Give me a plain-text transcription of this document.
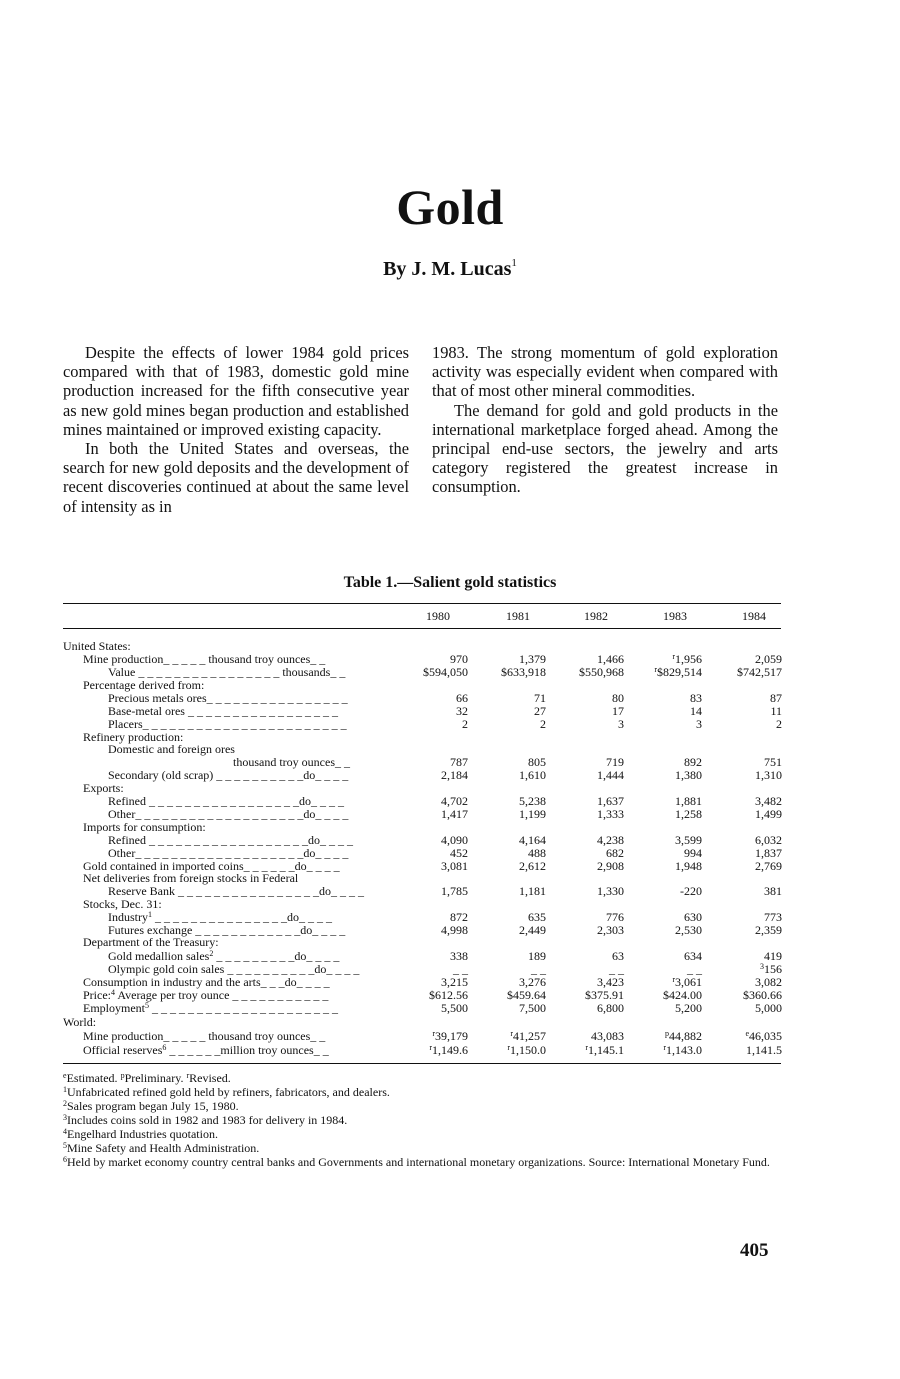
Gold
By J. M. Lucas$^1$

Despite the effects of lower 1984 gold prices compared with that of 1983, domestic gold mine production increased for the fifth consecutive year as new gold mines began production and established mines maintained or improved existing capacity.

In both the United States and overseas, the search for new gold deposits and the development of recent discoveries continued at about the same level of intensity as in

1983. The strong momentum of gold exploration activity was especially evident when compared with that of most other mineral commodities.

The demand for gold and gold products in the international marketplace forged ahead. Among the principal end-use sectors, the jewelry and arts category registered the greatest increase in consumption.

Table 1.—Salient gold statistics
1980	1981	1982	1983	1984
United States:
Mine production_ _ _ _ _ thousand troy ounces_ _	970	1,379	1,466	$^r$1,956	2,059
Value _ _ _ _ _ _ _ _ _ _ _ _ _ _ _ _ thousands_ _	$594,050	$633,918	$550,968	$^r$\$829,514	$742,517
Percentage derived from:
Precious metals ores_ _ _ _ _ _ _ _ _ _ _ _ _ _ _ _	66	71	80	83	87
Base-metal ores _ _ _ _ _ _ _ _ _ _ _ _ _ _ _ _ _	32	27	17	14	11
Placers_ _ _ _ _ _ _ _ _ _ _ _ _ _ _ _ _ _ _ _ _ _ _	2	2	3	3	2
Refinery production:
Domestic and foreign ores
thousand troy ounces_ _	787	805	719	892	751
Secondary (old scrap) _ _ _ _ _ _ _ _ _ _do_ _ _ _	2,184	1,610	1,444	1,380	1,310
Exports:
Refined _ _ _ _ _ _ _ _ _ _ _ _ _ _ _ _ _do_ _ _ _	4,702	5,238	1,637	1,881	3,482
Other_ _ _ _ _ _ _ _ _ _ _ _ _ _ _ _ _ _ _do_ _ _ _	1,417	1,199	1,333	1,258	1,499
Imports for consumption:
Refined _ _ _ _ _ _ _ _ _ _ _ _ _ _ _ _ _ _do_ _ _ _	4,090	4,164	4,238	3,599	6,032
Other_ _ _ _ _ _ _ _ _ _ _ _ _ _ _ _ _ _ _do_ _ _ _	452	488	682	994	1,837
Gold contained in imported coins_ _ _ _ _ _do_ _ _ _	3,081	2,612	2,908	1,948	2,769
Net deliveries from foreign stocks in Federal
Reserve Bank _ _ _ _ _ _ _ _ _ _ _ _ _ _ _ _do_ _ _ _	1,785	1,181	1,330	-220	381
Stocks, Dec. 31:
Industry$^1$ _ _ _ _ _ _ _ _ _ _ _ _ _ _ _do_ _ _ _	872	635	776	630	773
Futures exchange _ _ _ _ _ _ _ _ _ _ _ _do_ _ _ _	4,998	2,449	2,303	2,530	2,359
Department of the Treasury:
Gold medallion sales$^2$ _ _ _ _ _ _ _ _ _do_ _ _ _	338	189	63	634	419
Olympic gold coin sales _ _ _ _ _ _ _ _ _ _do_ _ _ _	_ _	_ _	_ _	_ _	$^3$156
Consumption in industry and the arts_ _ _do_ _ _ _	3,215	3,276	3,423	$^r$3,061	3,082
Price:$^4$ Average per troy ounce _ _ _ _ _ _ _ _ _ _ _	$612.56	$459.64	$375.91	$424.00	$360.66
Employment$^5$ _ _ _ _ _ _ _ _ _ _ _ _ _ _ _ _ _ _ _ _ _	5,500	7,500	6,800	5,200	5,000
World:
Mine production_ _ _ _ _ thousand troy ounces_ _	$^r$39,179	$^r$41,257	43,083	$^p$44,882	$^e$46,035
Official reserves$^6$ _ _ _ _ _ _million troy ounces_ _	$^r$1,149.6	$^r$1,150.0	$^r$1,145.1	$^r$1,143.0	1,141.5
$^e$Estimated. $^p$Preliminary. $^r$Revised.
$^1$Unfabricated refined gold held by refiners, fabricators, and dealers.
$^2$Sales program began July 15, 1980.
$^3$Includes coins sold in 1982 and 1983 for delivery in 1984.
$^4$Engelhard Industries quotation.
$^5$Mine Safety and Health Administration.
$^6$Held by market economy country central banks and Governments and international monetary organizations. Source: International Monetary Fund.
405
